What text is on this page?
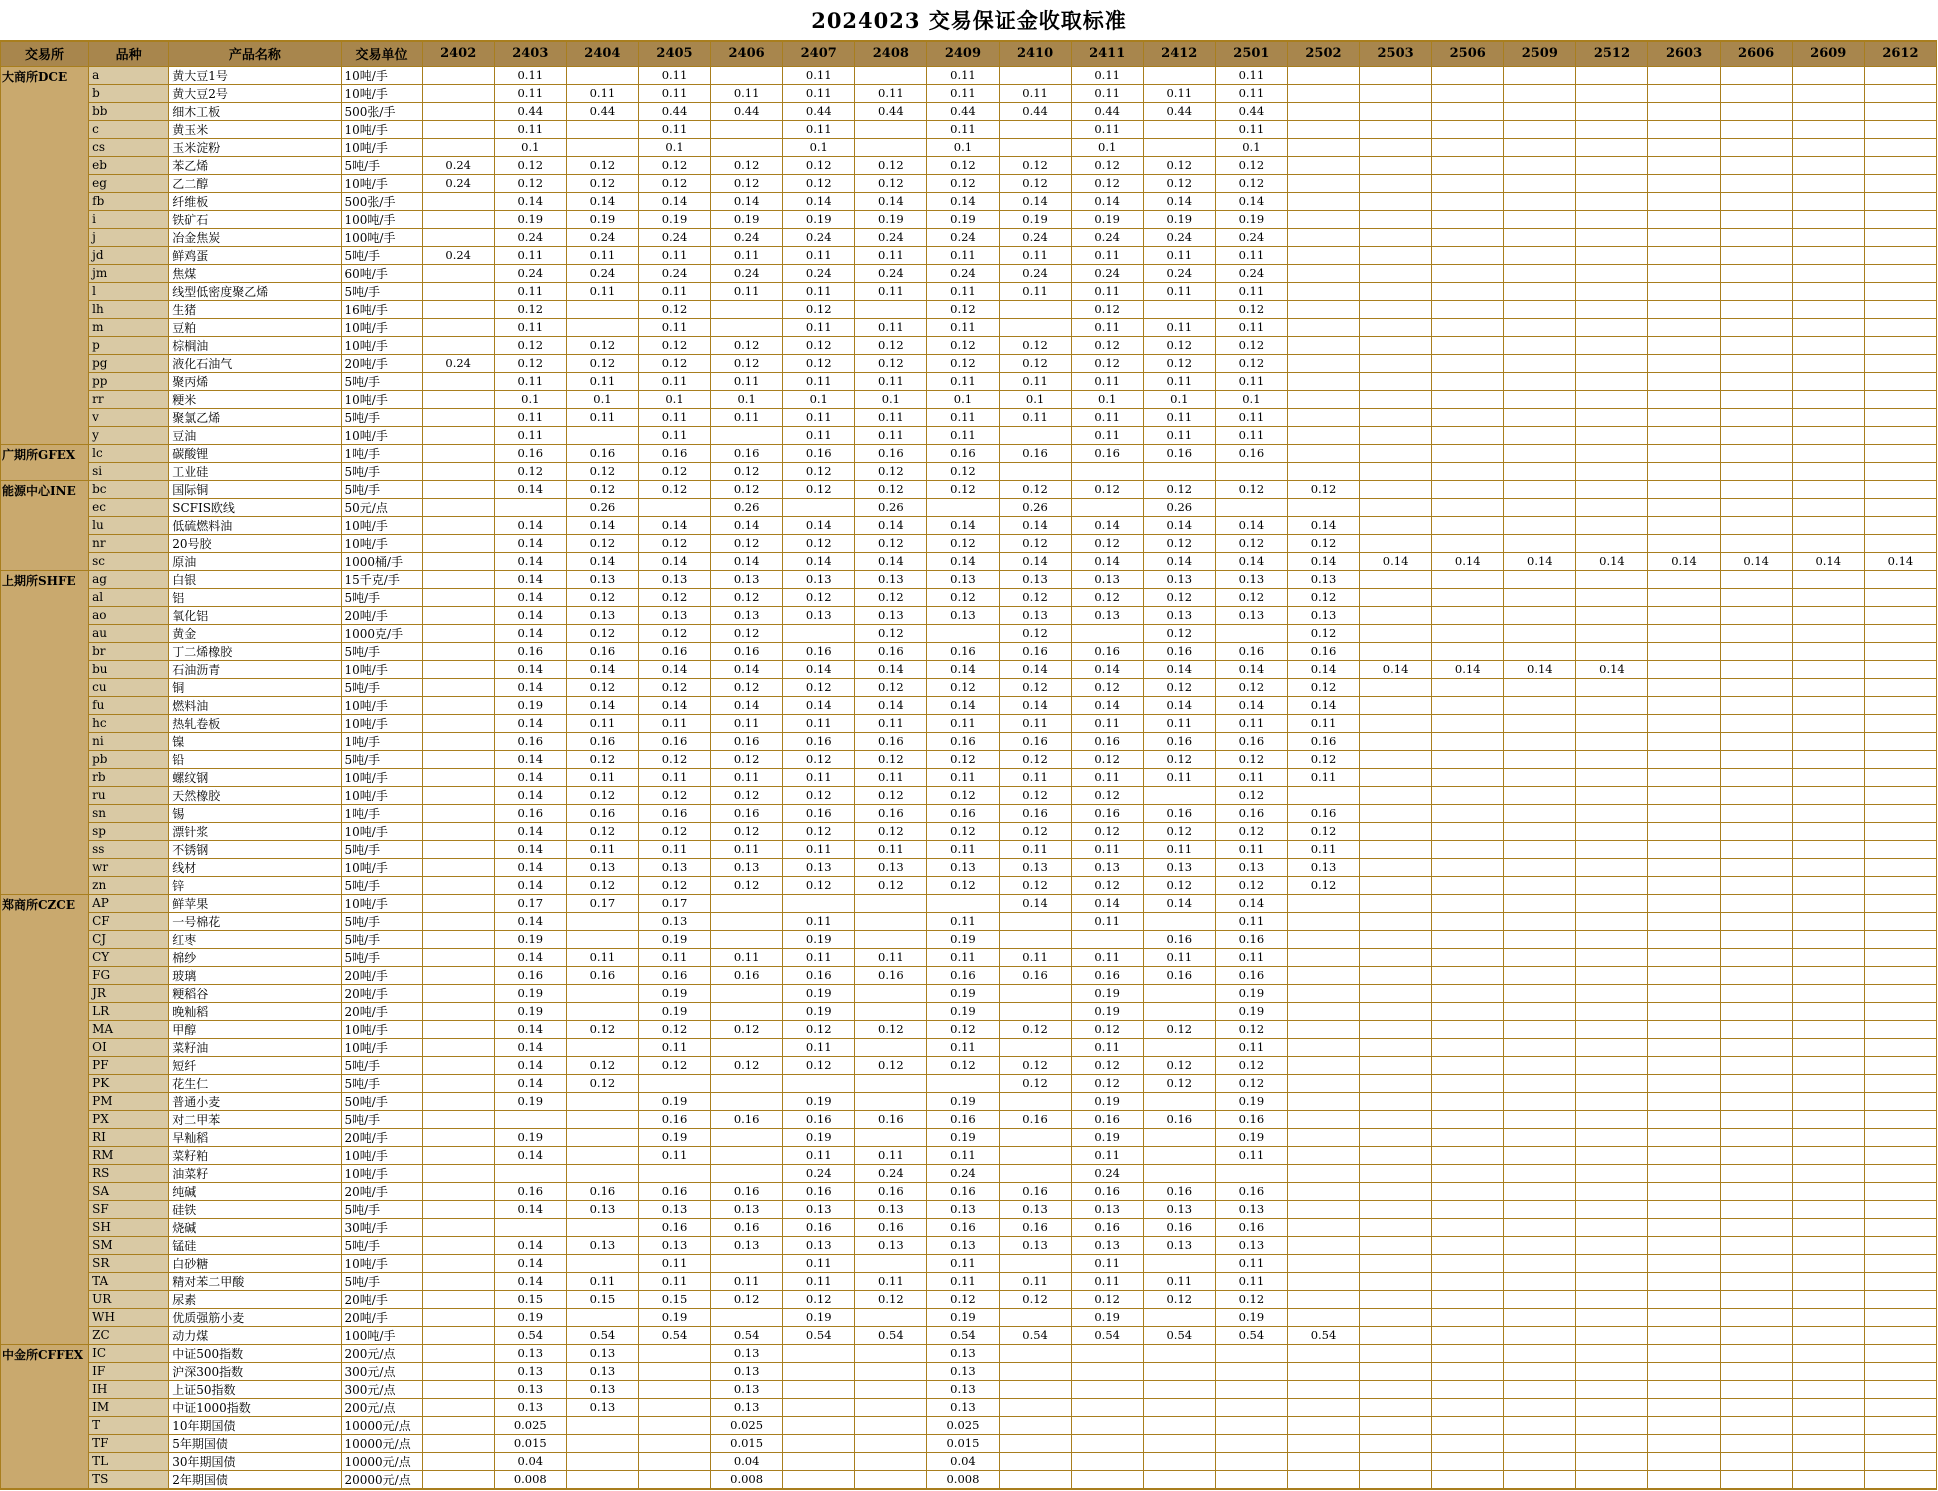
2024023 交易保证金收取标准
交易所	品种	产品名称	交易单位	2402	2403	2404	2405	2406	2407	2408	2409	2410	2411	2412	2501	2502	2503	2506	2509	2512	2603	2606	2609	2612
大商所DCE	a	黄大豆1号	10吨/手		0.11		0.11		0.11		0.11		0.11		0.11									
	b	黄大豆2号	10吨/手		0.11	0.11	0.11	0.11	0.11	0.11	0.11	0.11	0.11	0.11	0.11									
	bb	细木工板	500张/手		0.44	0.44	0.44	0.44	0.44	0.44	0.44	0.44	0.44	0.44	0.44									
	c	黄玉米	10吨/手		0.11		0.11		0.11		0.11		0.11		0.11									
	cs	玉米淀粉	10吨/手		0.1		0.1		0.1		0.1		0.1		0.1									
	eb	苯乙烯	5吨/手	0.24	0.12	0.12	0.12	0.12	0.12	0.12	0.12	0.12	0.12	0.12	0.12									
	eg	乙二醇	10吨/手	0.24	0.12	0.12	0.12	0.12	0.12	0.12	0.12	0.12	0.12	0.12	0.12									
	fb	纤维板	500张/手		0.14	0.14	0.14	0.14	0.14	0.14	0.14	0.14	0.14	0.14	0.14									
	i	铁矿石	100吨/手		0.19	0.19	0.19	0.19	0.19	0.19	0.19	0.19	0.19	0.19	0.19									
	j	冶金焦炭	100吨/手		0.24	0.24	0.24	0.24	0.24	0.24	0.24	0.24	0.24	0.24	0.24									
	jd	鲜鸡蛋	5吨/手	0.24	0.11	0.11	0.11	0.11	0.11	0.11	0.11	0.11	0.11	0.11	0.11									
	jm	焦煤	60吨/手		0.24	0.24	0.24	0.24	0.24	0.24	0.24	0.24	0.24	0.24	0.24									
	l	线型低密度聚乙烯	5吨/手		0.11	0.11	0.11	0.11	0.11	0.11	0.11	0.11	0.11	0.11	0.11									
	lh	生猪	16吨/手		0.12		0.12		0.12		0.12		0.12		0.12									
	m	豆粕	10吨/手		0.11		0.11		0.11	0.11	0.11		0.11	0.11	0.11									
	p	棕榈油	10吨/手		0.12	0.12	0.12	0.12	0.12	0.12	0.12	0.12	0.12	0.12	0.12									
	pg	液化石油气	20吨/手	0.24	0.12	0.12	0.12	0.12	0.12	0.12	0.12	0.12	0.12	0.12	0.12									
	pp	聚丙烯	5吨/手		0.11	0.11	0.11	0.11	0.11	0.11	0.11	0.11	0.11	0.11	0.11									
	rr	粳米	10吨/手		0.1	0.1	0.1	0.1	0.1	0.1	0.1	0.1	0.1	0.1	0.1									
	v	聚氯乙烯	5吨/手		0.11	0.11	0.11	0.11	0.11	0.11	0.11	0.11	0.11	0.11	0.11									
	y	豆油	10吨/手		0.11		0.11		0.11	0.11	0.11		0.11	0.11	0.11									
广期所GFEX	lc	碳酸锂	1吨/手		0.16	0.16	0.16	0.16	0.16	0.16	0.16	0.16	0.16	0.16	0.16									
	si	工业硅	5吨/手		0.12	0.12	0.12	0.12	0.12	0.12	0.12													
能源中心INE	bc	国际铜	5吨/手		0.14	0.12	0.12	0.12	0.12	0.12	0.12	0.12	0.12	0.12	0.12	0.12								
	ec	SCFIS欧线	50元/点			0.26		0.26		0.26		0.26		0.26										
	lu	低硫燃料油	10吨/手		0.14	0.14	0.14	0.14	0.14	0.14	0.14	0.14	0.14	0.14	0.14	0.14								
	nr	20号胶	10吨/手		0.14	0.12	0.12	0.12	0.12	0.12	0.12	0.12	0.12	0.12	0.12	0.12								
	sc	原油	1000桶/手		0.14	0.14	0.14	0.14	0.14	0.14	0.14	0.14	0.14	0.14	0.14	0.14	0.14	0.14	0.14	0.14	0.14	0.14	0.14	0.14
上期所SHFE	ag	白银	15千克/手		0.14	0.13	0.13	0.13	0.13	0.13	0.13	0.13	0.13	0.13	0.13	0.13								
	al	铝	5吨/手		0.14	0.12	0.12	0.12	0.12	0.12	0.12	0.12	0.12	0.12	0.12	0.12								
	ao	氧化铝	20吨/手		0.14	0.13	0.13	0.13	0.13	0.13	0.13	0.13	0.13	0.13	0.13	0.13								
	au	黄金	1000克/手		0.14	0.12	0.12	0.12		0.12		0.12		0.12		0.12								
	br	丁二烯橡胶	5吨/手		0.16	0.16	0.16	0.16	0.16	0.16	0.16	0.16	0.16	0.16	0.16	0.16								
	bu	石油沥青	10吨/手		0.14	0.14	0.14	0.14	0.14	0.14	0.14	0.14	0.14	0.14	0.14	0.14	0.14	0.14	0.14	0.14				
	cu	铜	5吨/手		0.14	0.12	0.12	0.12	0.12	0.12	0.12	0.12	0.12	0.12	0.12	0.12								
	fu	燃料油	10吨/手		0.19	0.14	0.14	0.14	0.14	0.14	0.14	0.14	0.14	0.14	0.14	0.14								
	hc	热轧卷板	10吨/手		0.14	0.11	0.11	0.11	0.11	0.11	0.11	0.11	0.11	0.11	0.11	0.11								
	ni	镍	1吨/手		0.16	0.16	0.16	0.16	0.16	0.16	0.16	0.16	0.16	0.16	0.16	0.16								
	pb	铅	5吨/手		0.14	0.12	0.12	0.12	0.12	0.12	0.12	0.12	0.12	0.12	0.12	0.12								
	rb	螺纹钢	10吨/手		0.14	0.11	0.11	0.11	0.11	0.11	0.11	0.11	0.11	0.11	0.11	0.11								
	ru	天然橡胶	10吨/手		0.14	0.12	0.12	0.12	0.12	0.12	0.12	0.12	0.12		0.12									
	sn	锡	1吨/手		0.16	0.16	0.16	0.16	0.16	0.16	0.16	0.16	0.16	0.16	0.16	0.16								
	sp	漂针浆	10吨/手		0.14	0.12	0.12	0.12	0.12	0.12	0.12	0.12	0.12	0.12	0.12	0.12								
	ss	不锈钢	5吨/手		0.14	0.11	0.11	0.11	0.11	0.11	0.11	0.11	0.11	0.11	0.11	0.11								
	wr	线材	10吨/手		0.14	0.13	0.13	0.13	0.13	0.13	0.13	0.13	0.13	0.13	0.13	0.13								
	zn	锌	5吨/手		0.14	0.12	0.12	0.12	0.12	0.12	0.12	0.12	0.12	0.12	0.12	0.12								
郑商所CZCE	AP	鲜苹果	10吨/手		0.17	0.17	0.17					0.14	0.14	0.14	0.14									
	CF	一号棉花	5吨/手		0.14		0.13		0.11		0.11		0.11		0.11									
	CJ	红枣	5吨/手		0.19		0.19		0.19		0.19			0.16	0.16									
	CY	棉纱	5吨/手		0.14	0.11	0.11	0.11	0.11	0.11	0.11	0.11	0.11	0.11	0.11									
	FG	玻璃	20吨/手		0.16	0.16	0.16	0.16	0.16	0.16	0.16	0.16	0.16	0.16	0.16									
	JR	粳稻谷	20吨/手		0.19		0.19		0.19		0.19		0.19		0.19									
	LR	晚籼稻	20吨/手		0.19		0.19		0.19		0.19		0.19		0.19									
	MA	甲醇	10吨/手		0.14	0.12	0.12	0.12	0.12	0.12	0.12	0.12	0.12	0.12	0.12									
	OI	菜籽油	10吨/手		0.14		0.11		0.11		0.11		0.11		0.11									
	PF	短纤	5吨/手		0.14	0.12	0.12	0.12	0.12	0.12	0.12	0.12	0.12	0.12	0.12									
	PK	花生仁	5吨/手		0.14	0.12						0.12	0.12	0.12	0.12									
	PM	普通小麦	50吨/手		0.19		0.19		0.19		0.19		0.19		0.19									
	PX	对二甲苯	5吨/手				0.16	0.16	0.16	0.16	0.16	0.16	0.16	0.16	0.16									
	RI	早籼稻	20吨/手		0.19		0.19		0.19		0.19		0.19		0.19									
	RM	菜籽粕	10吨/手		0.14		0.11		0.11	0.11	0.11		0.11		0.11									
	RS	油菜籽	10吨/手						0.24	0.24	0.24		0.24											
	SA	纯碱	20吨/手		0.16	0.16	0.16	0.16	0.16	0.16	0.16	0.16	0.16	0.16	0.16									
	SF	硅铁	5吨/手		0.14	0.13	0.13	0.13	0.13	0.13	0.13	0.13	0.13	0.13	0.13									
	SH	烧碱	30吨/手				0.16	0.16	0.16	0.16	0.16	0.16	0.16	0.16	0.16									
	SM	锰硅	5吨/手		0.14	0.13	0.13	0.13	0.13	0.13	0.13	0.13	0.13	0.13	0.13									
	SR	白砂糖	10吨/手		0.14		0.11		0.11		0.11		0.11		0.11									
	TA	精对苯二甲酸	5吨/手		0.14	0.11	0.11	0.11	0.11	0.11	0.11	0.11	0.11	0.11	0.11									
	UR	尿素	20吨/手		0.15	0.15	0.15	0.12	0.12	0.12	0.12	0.12	0.12	0.12	0.12									
	WH	优质强筋小麦	20吨/手		0.19		0.19		0.19		0.19		0.19		0.19									
	ZC	动力煤	100吨/手		0.54	0.54	0.54	0.54	0.54	0.54	0.54	0.54	0.54	0.54	0.54	0.54								
中金所CFFEX	IC	中证500指数	200元/点		0.13	0.13		0.13			0.13													
	IF	沪深300指数	300元/点		0.13	0.13		0.13			0.13													
	IH	上证50指数	300元/点		0.13	0.13		0.13			0.13													
	IM	中证1000指数	200元/点		0.13	0.13		0.13			0.13													
	T	10年期国债	10000元/点		0.025			0.025			0.025													
	TF	5年期国债	10000元/点		0.015			0.015			0.015													
	TL	30年期国债	10000元/点		0.04			0.04			0.04													
	TS	2年期国债	20000元/点		0.008			0.008			0.008													
